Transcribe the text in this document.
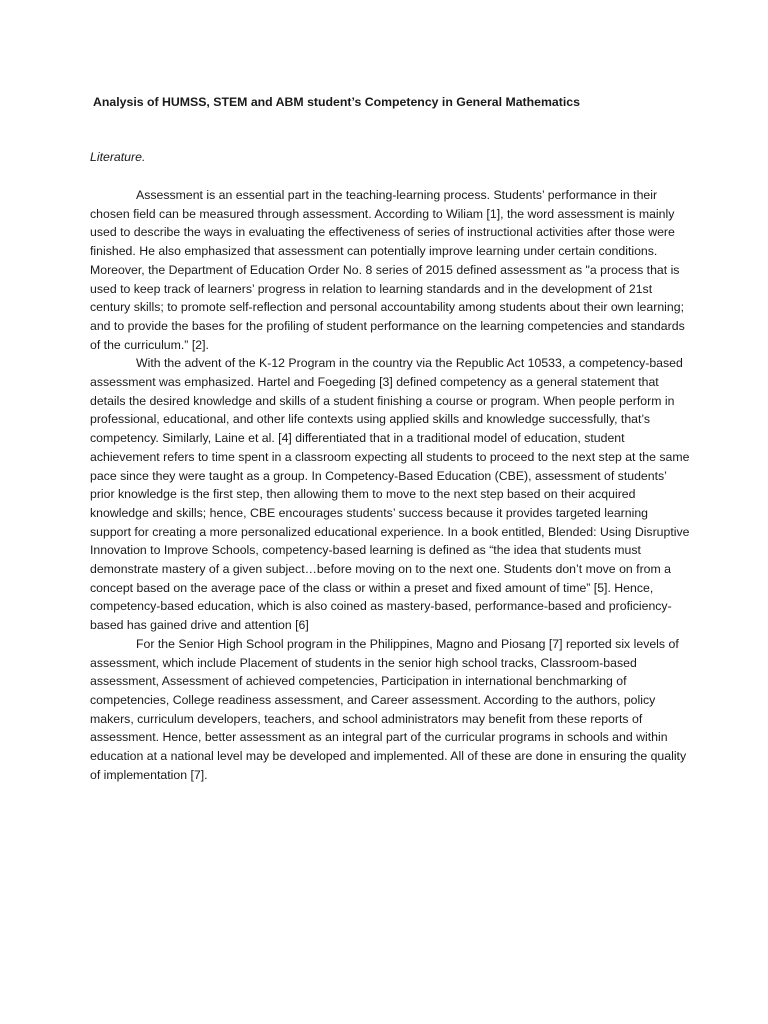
Analysis of HUMSS, STEM and ABM student’s Competency in General Mathematics
Literature.

Assessment is an essential part in the teaching-learning process. Students’ performance in their chosen field can be measured through assessment. According to Wiliam [1], the word assessment is mainly used to describe the ways in evaluating the effectiveness of series of instructional activities after those were finished. He also emphasized that assessment can potentially improve learning under certain conditions. Moreover, the Department of Education Order No. 8 series of 2015 defined assessment as "a process that is used to keep track of learners’ progress in relation to learning standards and in the development of 21st century skills; to promote self-reflection and personal accountability among students about their own learning; and to provide the bases for the profiling of student performance on the learning competencies and standards of the curriculum.” [2].

With the advent of the K-12 Program in the country via the Republic Act 10533, a competency-based assessment was emphasized. Hartel and Foegeding [3] defined competency as a general statement that details the desired knowledge and skills of a student finishing a course or program. When people perform in professional, educational, and other life contexts using applied skills and knowledge successfully, that’s competency. Similarly, Laine et al. [4] differentiated that in a traditional model of education, student achievement refers to time spent in a classroom expecting all students to proceed to the next step at the same pace since they were taught as a group. In Competency-Based Education (CBE), assessment of students’ prior knowledge is the first step, then allowing them to move to the next step based on their acquired knowledge and skills; hence, CBE encourages students’ success because it provides targeted learning support for creating a more personalized educational experience. In a book entitled, Blended: Using Disruptive Innovation to Improve Schools, competency-based learning is defined as “the idea that students must demonstrate mastery of a given subject…before moving on to the next one. Students don’t move on from a concept based on the average pace of the class or within a preset and fixed amount of time” [5]. Hence, competency-based education, which is also coined as mastery-based, performance-based and proficiency-based has gained drive and attention [6]

For the Senior High School program in the Philippines, Magno and Piosang [7] reported six levels of assessment, which include Placement of students in the senior high school tracks, Classroom-based assessment, Assessment of achieved competencies, Participation in international benchmarking of competencies, College readiness assessment, and Career assessment. According to the authors, policy makers, curriculum developers, teachers, and school administrators may benefit from these reports of assessment. Hence, better assessment as an integral part of the curricular programs in schools and within education at a national level may be developed and implemented. All of these are done in ensuring the quality of implementation [7].
